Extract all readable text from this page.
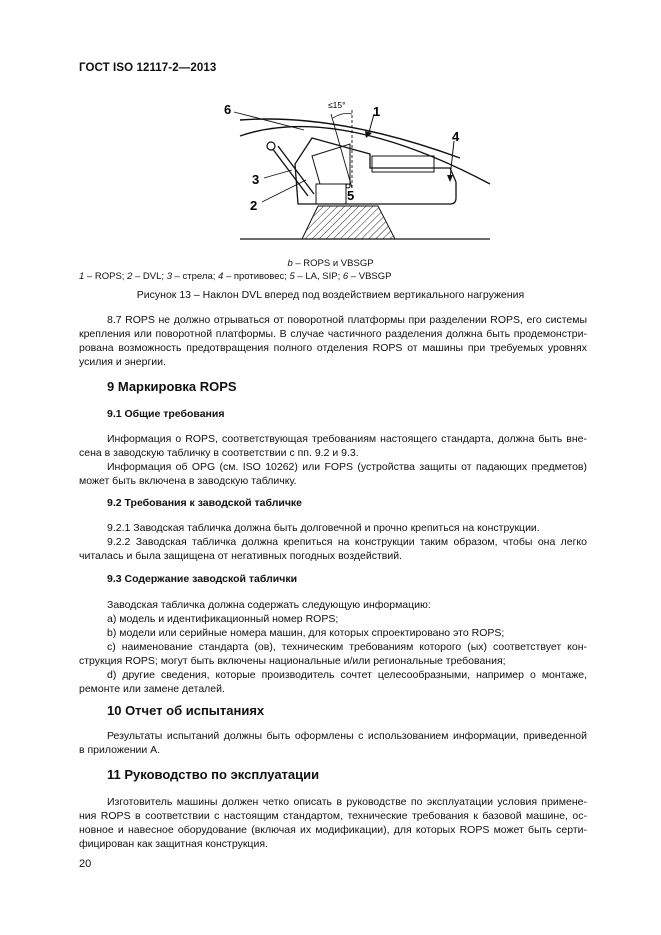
ГОСТ ISO 12117-2—2013
6	1
4
3
2
5
≤15°
b – ROPS и VBSGP
1 – ROPS; 2 – DVL; 3 – стрела; 4 – противовес; 5 – LA, SIP; 6 – VBSGP
Рисунок 13 – Наклон DVL вперед под воздействием вертикального нагружения
8.7 ROPS не должно отрываться от поворотной платформы при разделении ROPS, его системы
крепления или поворотной платформы. В случае частичного разделения должна быть продемонстри-
рована возможность предотвращения полного отделения ROPS от машины при требуемых уровнях
усилия и энергии.
9 Маркировка ROPS
9.1 Общие требования
Информация о ROPS, соответствующая требованиям настоящего стандарта, должна быть вне-
сена в заводскую табличку в соответствии с пп. 9.2 и 9.3.
Информация об OPG (см. ISO 10262) или FOPS (устройства защиты от падающих предметов)
может быть включена в заводскую табличку.
9.2 Требования к заводской табличке
9.2.1 Заводская табличка должна быть долговечной и прочно крепиться на конструкции.
9.2.2 Заводская табличка должна крепиться на конструкции таким образом, чтобы она легко
читалась и была защищена от негативных погодных воздействий.
9.3 Содержание заводской таблички
Заводская табличка должна содержать следующую информацию:
a) модель и идентификационный номер ROPS;
b) модели или серийные номера машин, для которых спроектировано это ROPS;
c) наименование стандарта (ов), техническим требованиям которого (ых) соответствует кон-
струкция ROPS; могут быть включены национальные и/или региональные требования;
d) другие сведения, которые производитель сочтет целесообразными, например о монтаже,
ремонте или замене деталей.
10 Отчет об испытаниях
Результаты испытаний должны быть оформлены с использованием информации, приведенной
в приложении А.
11 Руководство по эксплуатации
Изготовитель машины должен четко описать в руководстве по эксплуатации условия примене-
ния ROPS в соответствии с настоящим стандартом, технические требования к базовой машине, ос-
новное и навесное оборудование (включая их модификации), для которых ROPS может быть серти-
фицирован как защитная конструкция.
20
